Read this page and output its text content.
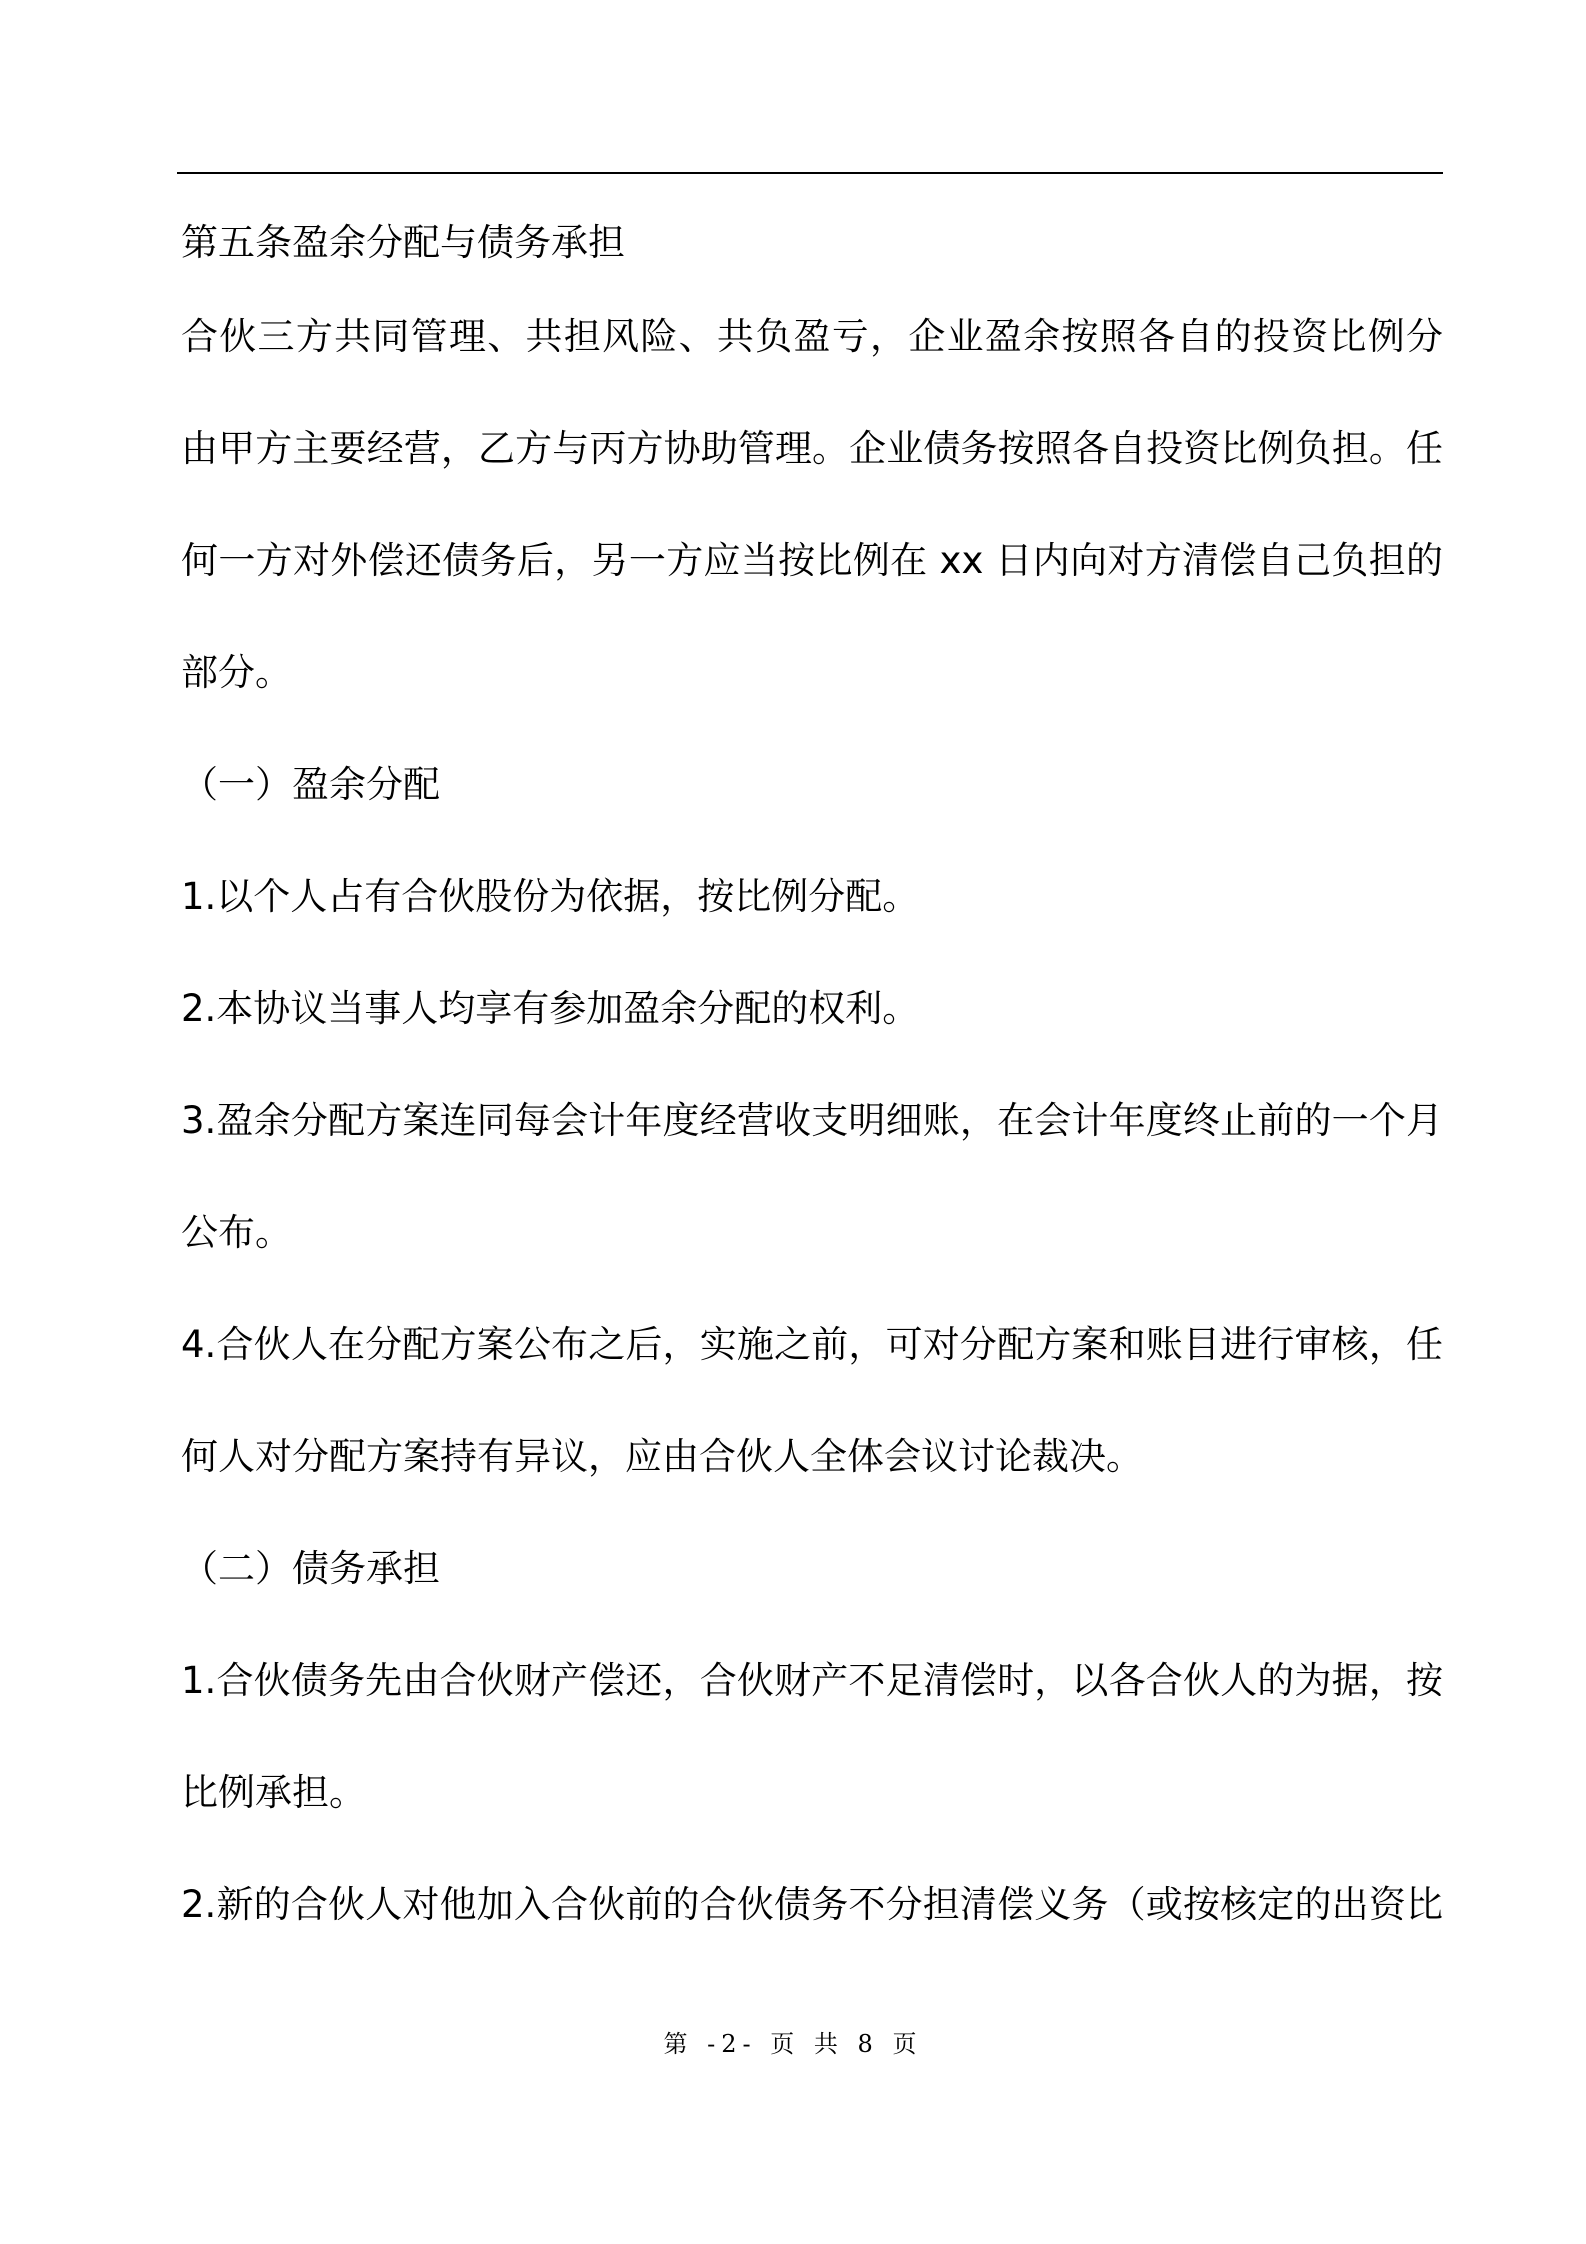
第五条盈余分配与债务承担
合伙三方共同管理、共担风险、共负盈亏，企业盈余按照各自的投资比例分
由甲方主要经营，乙方与丙方协助管理。企业债务按照各自投资比例负担。任
何一方对外偿还债务后，另一方应当按比例在 xx 日内向对方清偿自己负担的
部分。
（一）盈余分配
1.以个人占有合伙股份为依据，按比例分配。
2.本协议当事人均享有参加盈余分配的权利。
3.盈余分配方案连同每会计年度经营收支明细账，在会计年度终止前的一个月
公布。
4.合伙人在分配方案公布之后，实施之前，可对分配方案和账目进行审核，任
何人对分配方案持有异议，应由合伙人全体会议讨论裁决。
（二）债务承担
1.合伙债务先由合伙财产偿还，合伙财产不足清偿时，以各合伙人的为据，按
比例承担。
2.新的合伙人对他加入合伙前的合伙债务不分担清偿义务（或按核定的出资比
第 -2- 页 共 8 页
